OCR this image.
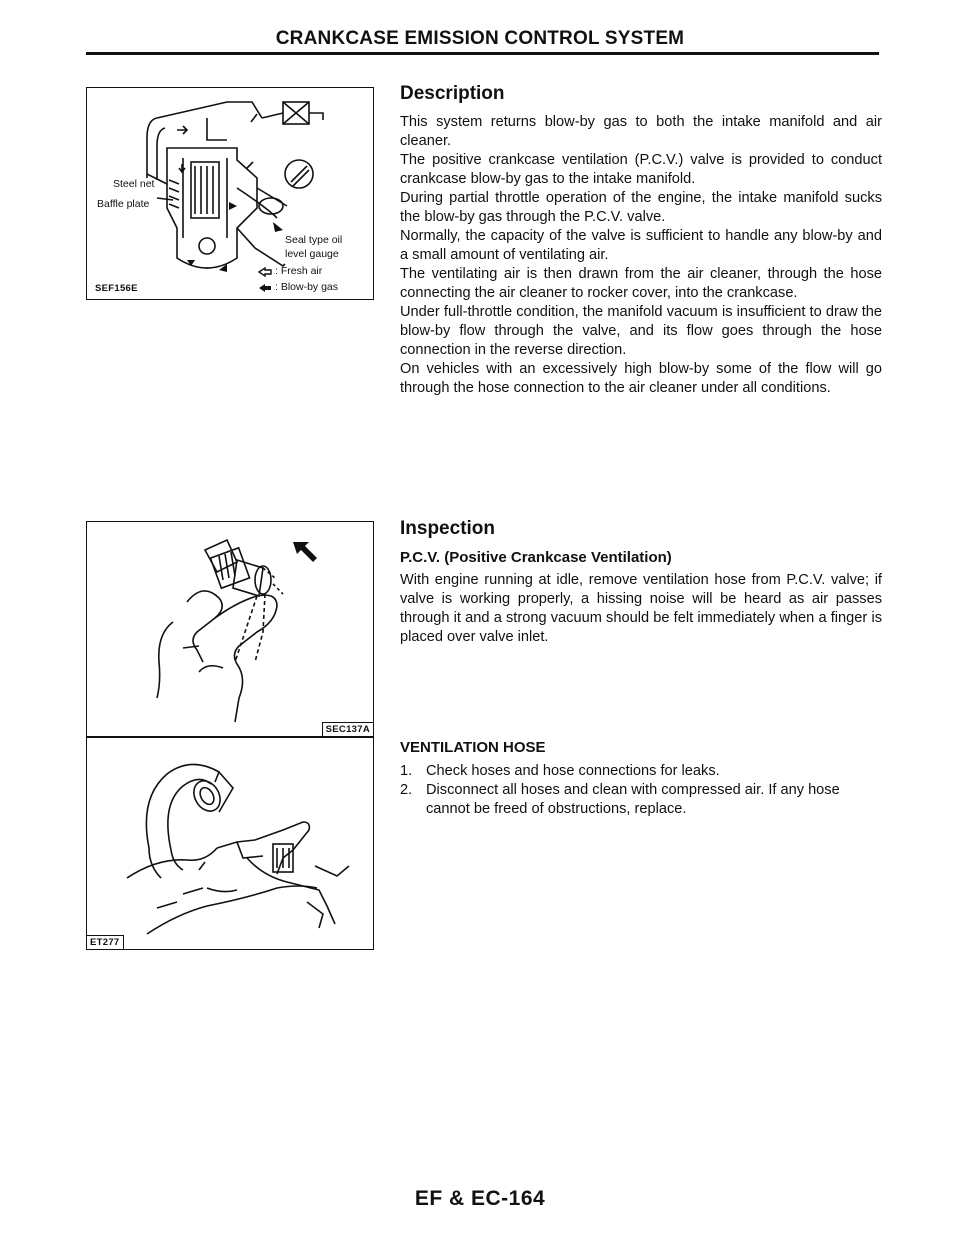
CRANKCASE EMISSION CONTROL SYSTEM
Steel net
Baffle plate
Seal type oil
level gauge
: Fresh air
: Blow-by gas
SEF156E
SEC137A
ET277
Description

This system returns blow-by gas to both the intake manifold and air cleaner.

The positive crankcase ventilation (P.C.V.) valve is provided to conduct crankcase blow-by gas to the intake manifold.

During partial throttle operation of the engine, the intake manifold sucks the blow-by gas through the P.C.V. valve.

Normally, the capacity of the valve is sufficient to handle any blow-by and a small amount of ventilating air.

The ventilating air is then drawn from the air cleaner, through the hose connecting the air cleaner to rocker cover, into the crankcase.

Under full-throttle condition, the manifold vacuum is insufficient to draw the blow-by flow through the valve, and its flow goes through the hose connection in the reverse direction.

On vehicles with an excessively high blow-by some of the flow will go through the hose connection to the air cleaner under all conditions.

Inspection
P.C.V. (Positive Crankcase Ventilation)

With engine running at idle, remove ventilation hose from P.C.V. valve; if valve is working properly, a hissing noise will be heard as air passes through it and a strong vacuum should be felt immediately when a finger is placed over valve inlet.

VENTILATION HOSE
1. Check hoses and hose connections for leaks.
2. Disconnect all hoses and clean with compressed air. If any hose cannot be freed of obstructions, replace.
EF & EC-164
